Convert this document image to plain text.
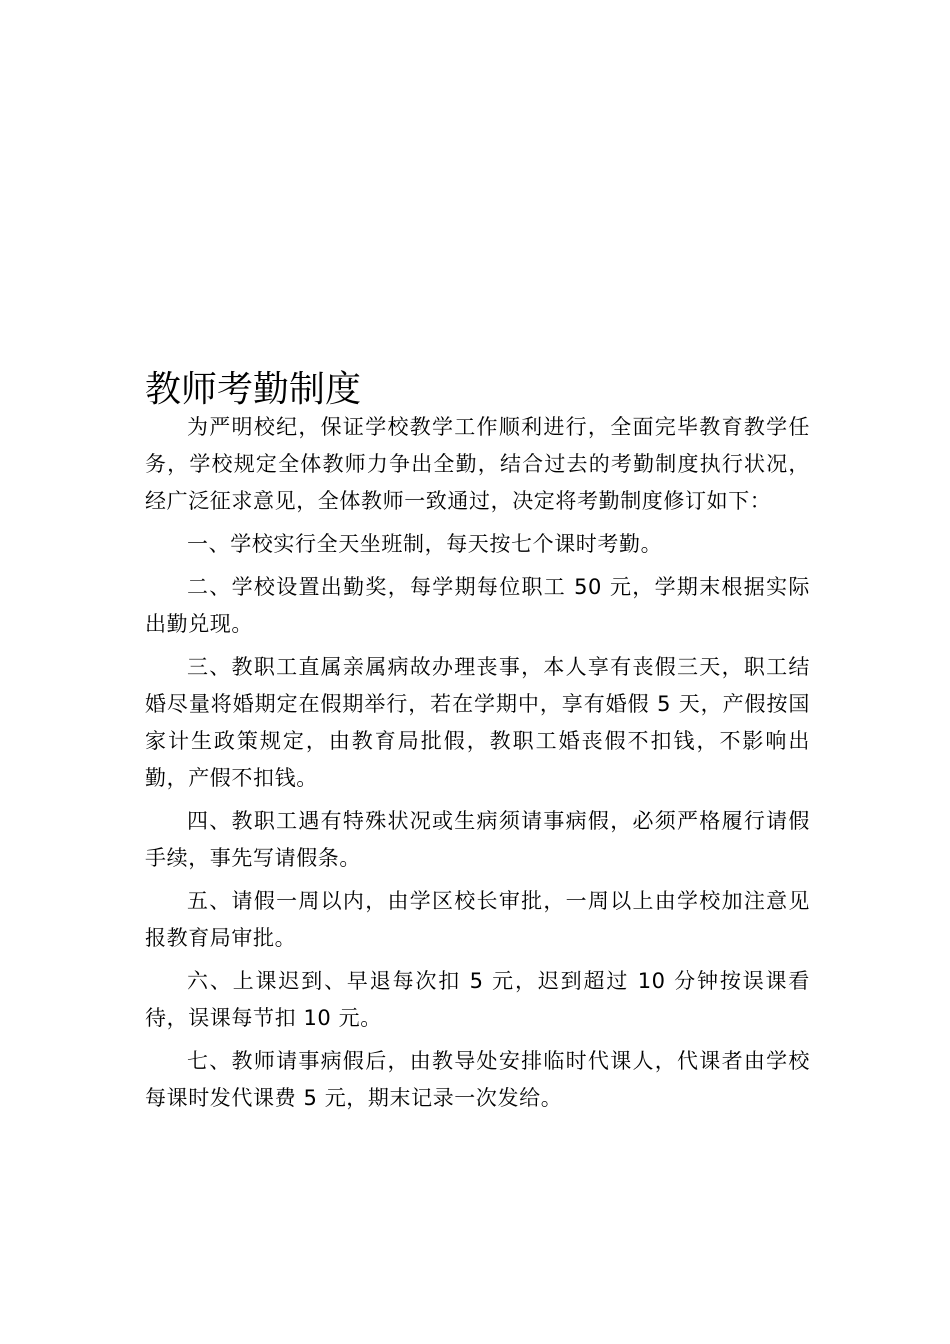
教师考勤制度

为严明校纪，保证学校教学工作顺利进行，全面完毕教育教学任务，学校规定全体教师力争出全勤，结合过去的考勤制度执行状况，经广泛征求意见，全体教师一致通过，决定将考勤制度修订如下：

一、学校实行全天坐班制，每天按七个课时考勤。

二、学校设置出勤奖，每学期每位职工 50 元，学期末根据实际出勤兑现。

三、教职工直属亲属病故办理丧事，本人享有丧假三天，职工结婚尽量将婚期定在假期举行，若在学期中，享有婚假 5 天，产假按国家计生政策规定，由教育局批假，教职工婚丧假不扣钱，不影响出勤，产假不扣钱。

四、教职工遇有特殊状况或生病须请事病假，必须严格履行请假手续，事先写请假条。

五、请假一周以内，由学区校长审批，一周以上由学校加注意见报教育局审批。

六、上课迟到、早退每次扣 5 元，迟到超过 10 分钟按误课看待，误课每节扣 10 元。

七、教师请事病假后，由教导处安排临时代课人，代课者由学校每课时发代课费 5 元，期末记录一次发给。
